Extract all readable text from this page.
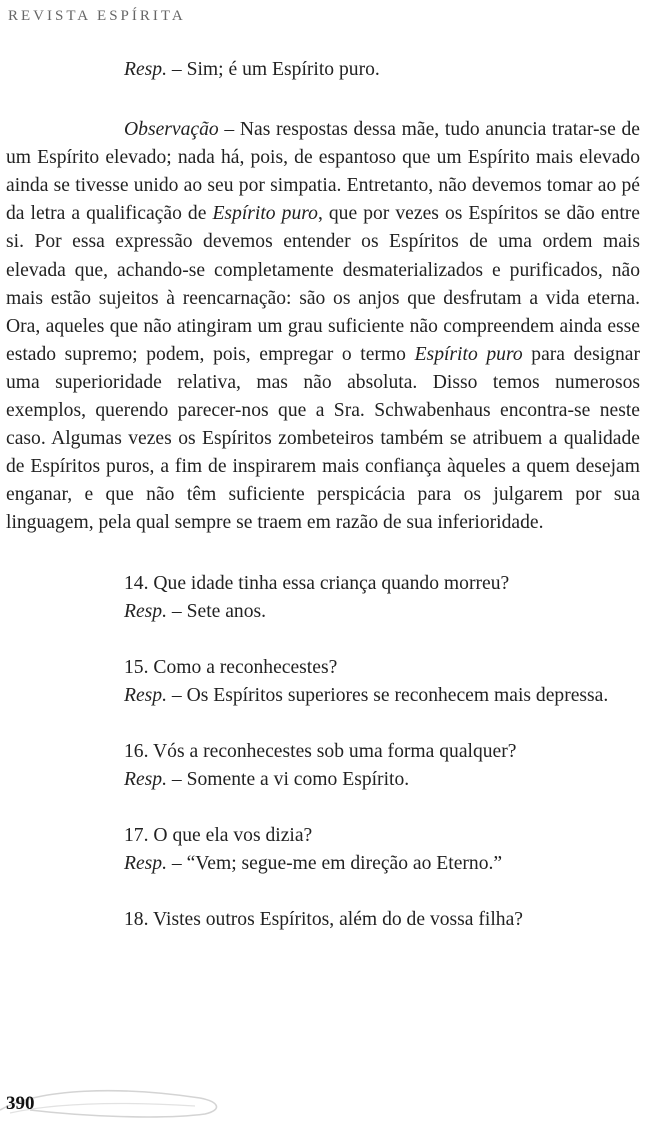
REVISTA ESPÍRITA

Resp. – Sim; é um Espírito puro.

Observação – Nas respostas dessa mãe, tudo anuncia tratar-se de um Espírito elevado; nada há, pois, de espantoso que um Espírito mais elevado ainda se tivesse unido ao seu por simpatia. Entretanto, não devemos tomar ao pé da letra a qualificação de Espírito puro, que por vezes os Espíritos se dão entre si. Por essa expressão devemos entender os Espíritos de uma ordem mais elevada que, achando-se completamente desmaterializados e purificados, não mais estão sujeitos à reencarnação: são os anjos que desfrutam a vida eterna. Ora, aqueles que não atingiram um grau suficiente não compreendem ainda esse estado supremo; podem, pois, empregar o termo Espírito puro para designar uma superioridade relativa, mas não absoluta. Disso temos numerosos exemplos, querendo parecer-nos que a Sra. Schwabenhaus encontra-se neste caso. Algumas vezes os Espíritos zombeteiros também se atribuem a qualidade de Espíritos puros, a fim de inspirarem mais confiança àqueles a quem desejam enganar, e que não têm suficiente perspicácia para os julgarem por sua linguagem, pela qual sempre se traem em razão de sua inferioridade.

14. Que idade tinha essa criança quando morreu?

Resp. – Sete anos.

15. Como a reconhecestes?

Resp. – Os Espíritos superiores se reconhecem mais depressa.

16. Vós a reconhecestes sob uma forma qualquer?

Resp. – Somente a vi como Espírito.

17. O que ela vos dizia?

Resp. – “Vem; segue-me em direção ao Eterno.”

18. Vistes outros Espíritos, além do de vossa filha?

390
